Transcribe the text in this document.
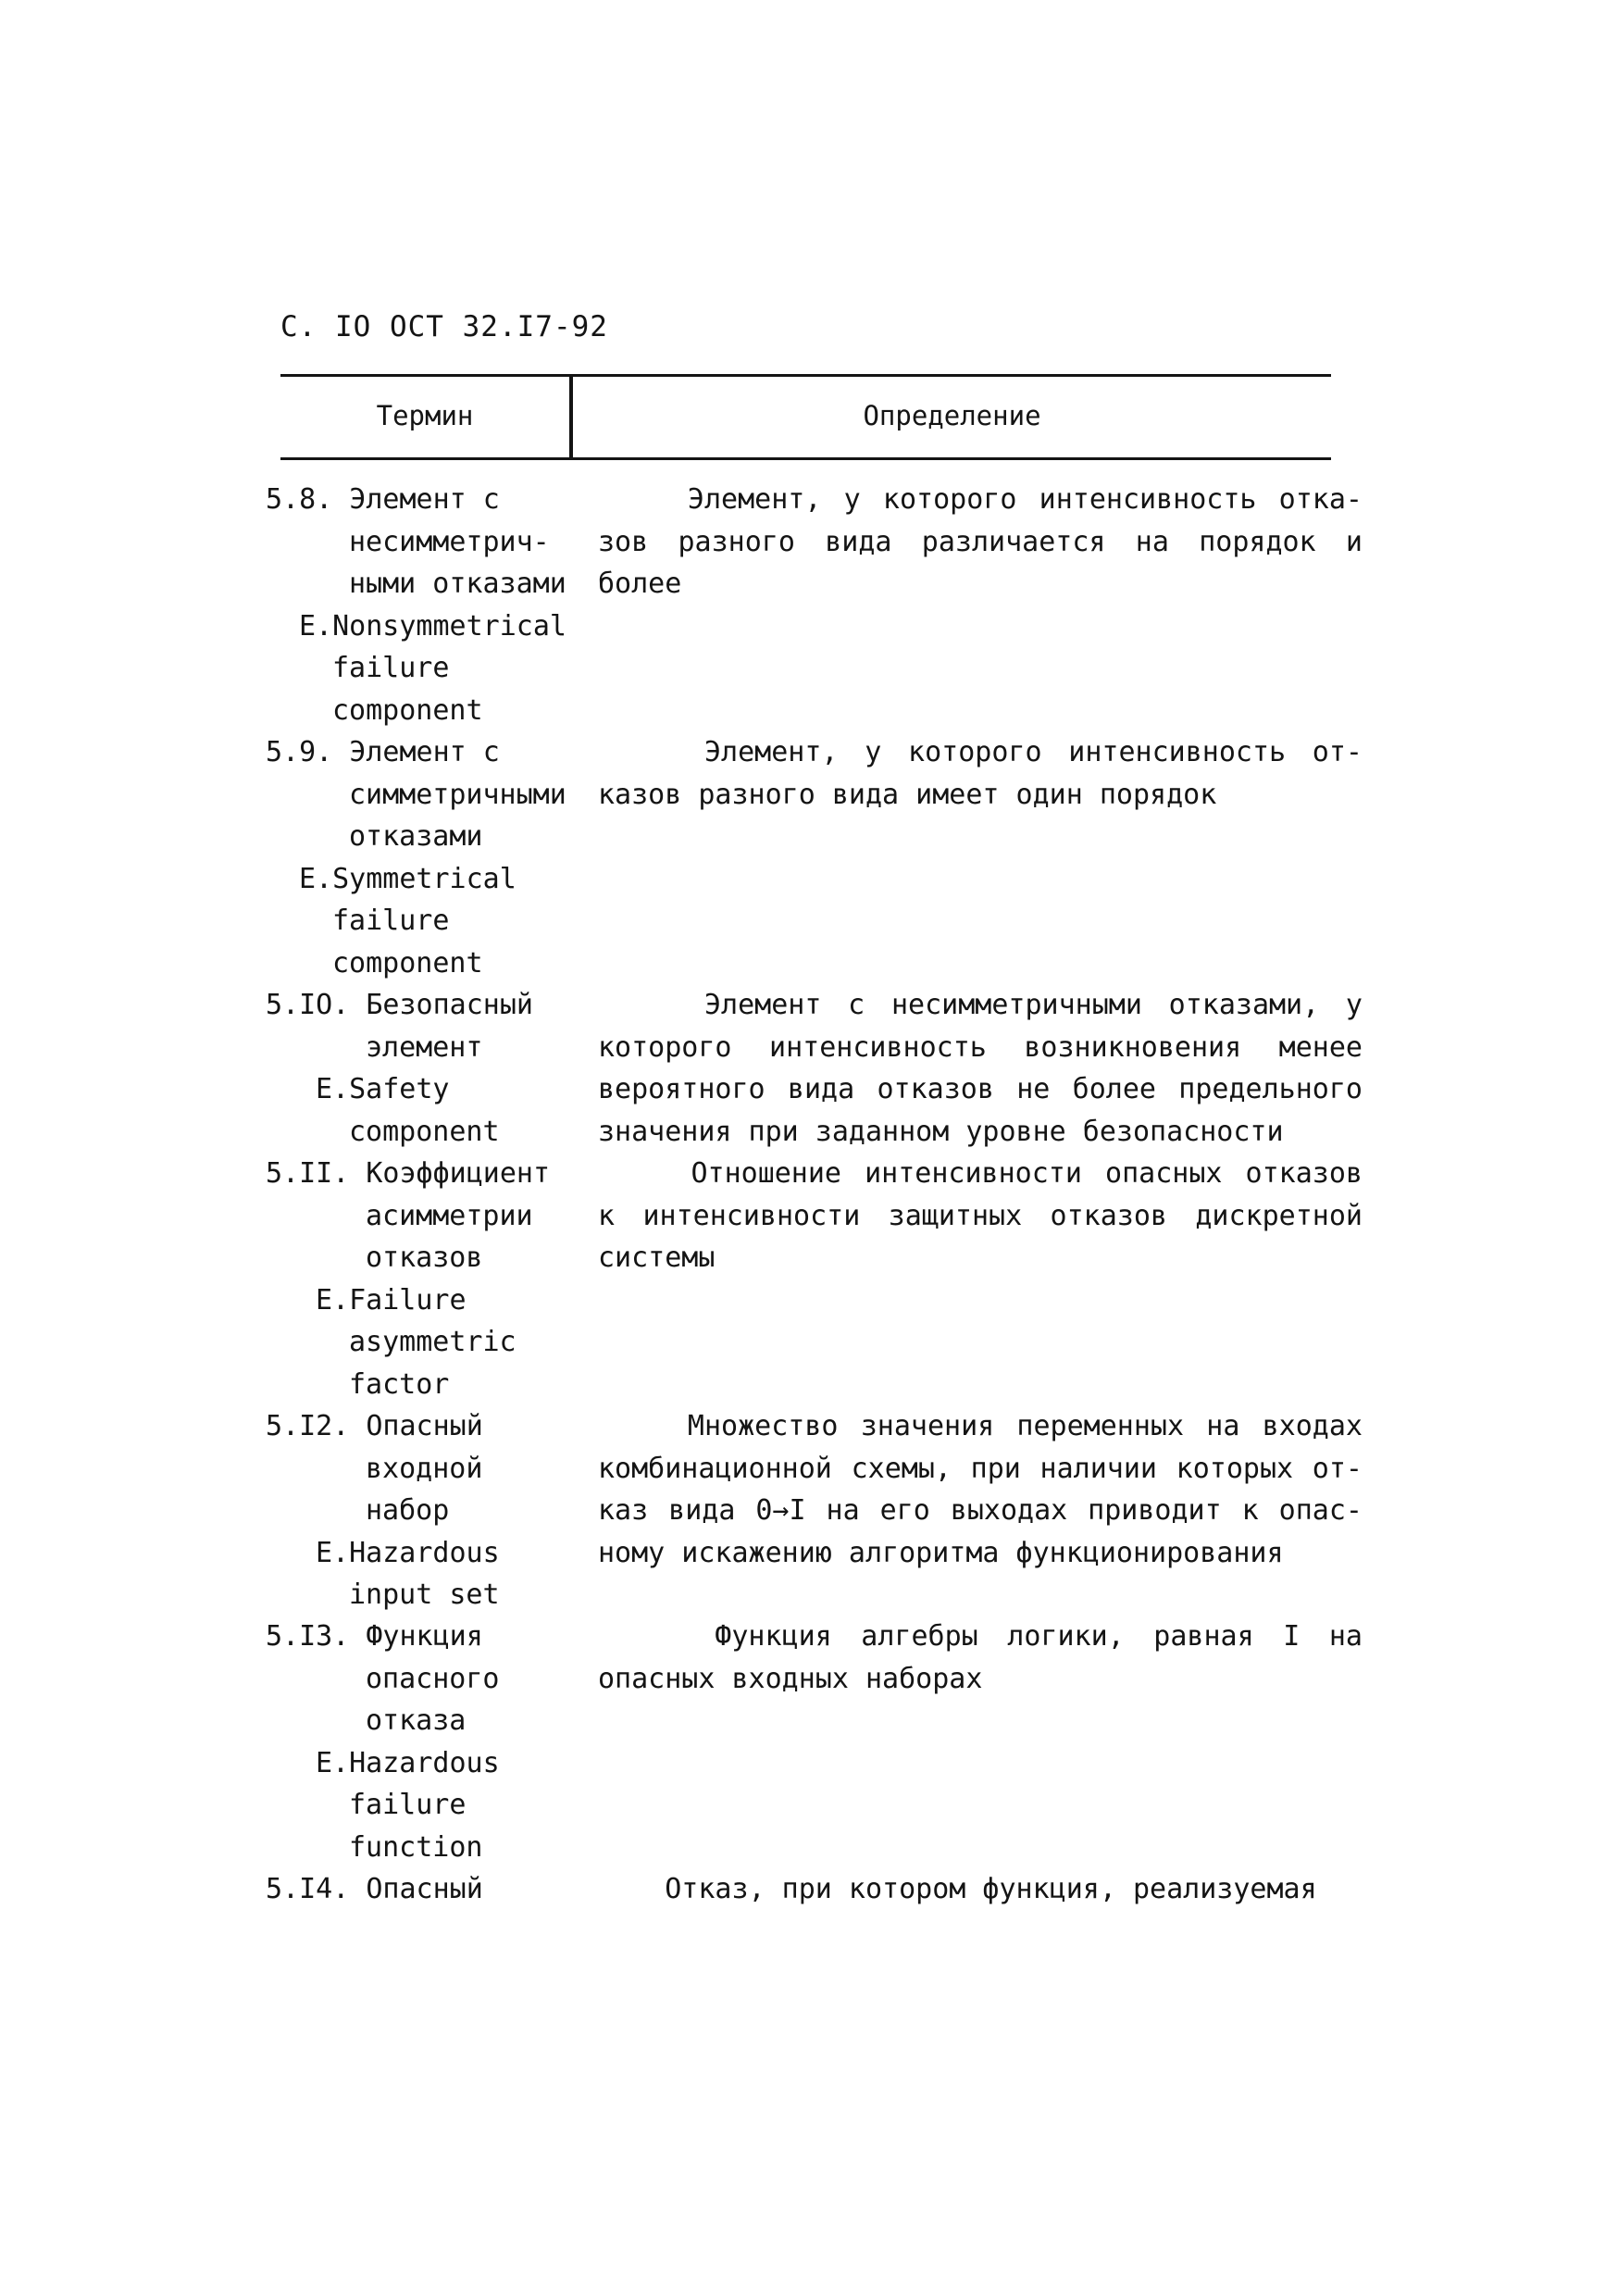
С. IO ОСТ 32.I7-92
Термин	Определение
5.8. Элемент с
несимметрич-
ными отказами
E.Nonsymmetrical
failure
component
Элемент, у которого интенсивность отка-
зов разного вида различается на порядок и
более
5.9. Элемент с
симметричными
отказами
E.Symmetrical
failure
component
Элемент, у которого интенсивность от-
казов разного вида имеет один порядок
5.IO. Безопасный
элемент
E.Safety
component
Элемент с несимметричными отказами, у
которого интенсивность возникновения менее
вероятного вида отказов не более предельного
значения при заданном уровне безопасности
5.II. Коэффициент
асимметрии
отказов
E.Failure
asymmetric
factor
Отношение интенсивности опасных отказов
к интенсивности защитных отказов дискретной
системы
5.I2. Опасный
входной
набор
E.Hazardous
input set
Множество значения переменных на входах
комбинационной схемы, при наличии которых от-
каз вида 0→I на его выходах приводит к опас-
ному искажению алгоритма функционирования
5.I3. Функция
опасного
отказа
E.Hazardous
failure
function
Функция алгебры логики, равная I на
опасных входных наборах
5.I4. Опасный	Отказ, при котором функция, реализуемая
